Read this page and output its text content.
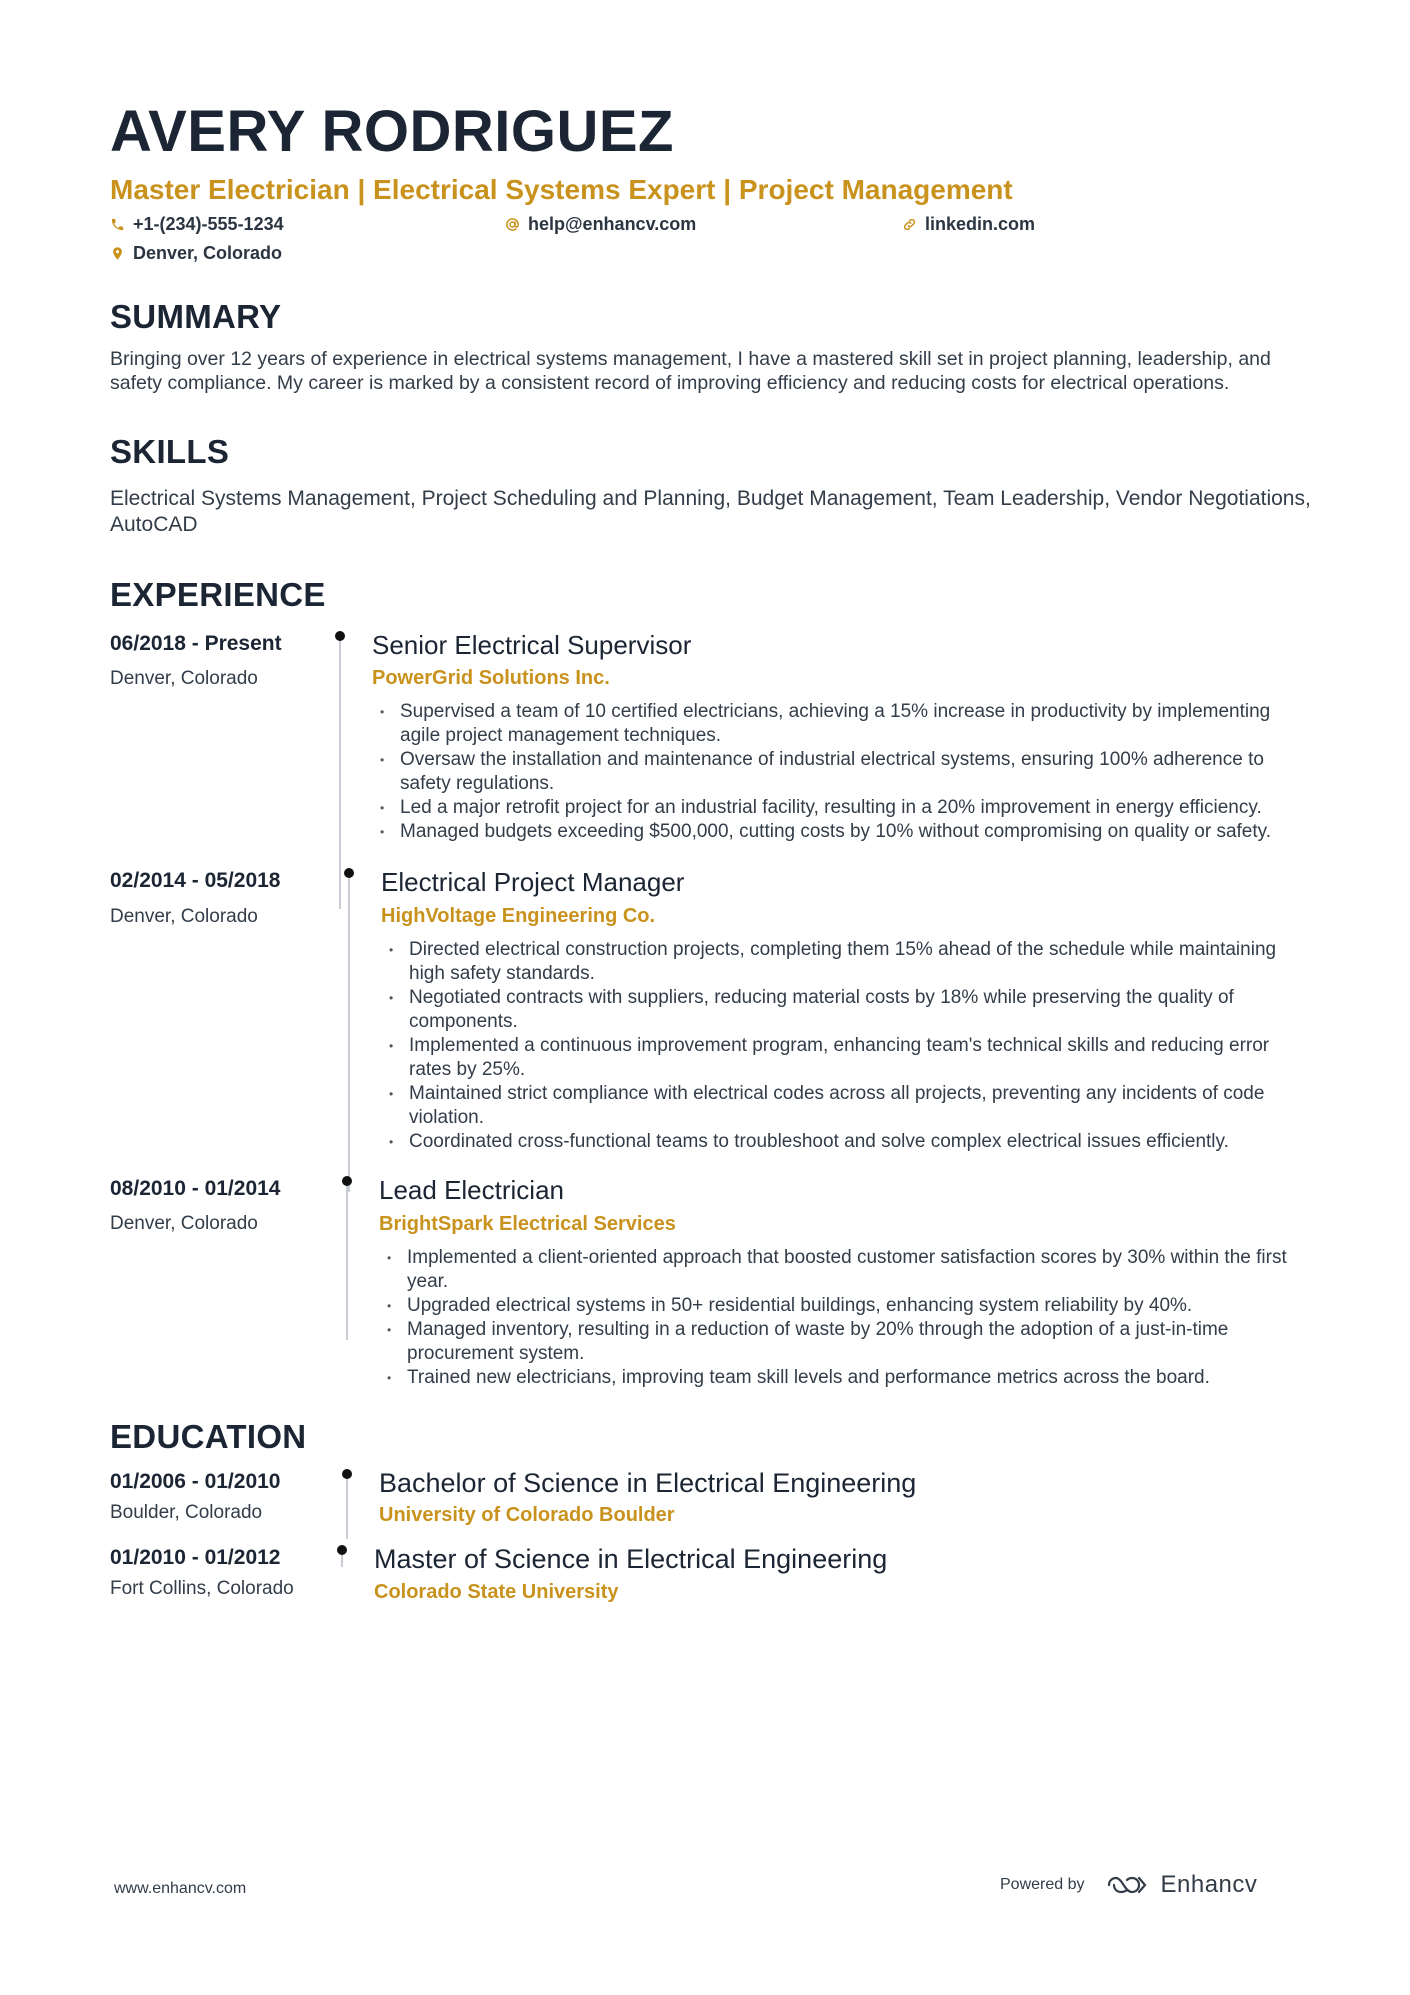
AVERY RODRIGUEZ
Master Electrician | Electrical Systems Expert | Project Management
+1-(234)-555-1234	help@enhancv.com	linkedin.com
Denver, Colorado
SUMMARY
Bringing over 12 years of experience in electrical systems management, I have a mastered skill set in project planning, leadership, and safety compliance. My career is marked by a consistent record of improving efficiency and reducing costs for electrical operations.
SKILLS
Electrical Systems Management, Project Scheduling and Planning, Budget Management, Team Leadership, Vendor Negotiations, AutoCAD
EXPERIENCE
06/2018 - Present
Denver, Colorado
Senior Electrical Supervisor
PowerGrid Solutions Inc.
• Supervised a team of 10 certified electricians, achieving a 15% increase in productivity by implementing agile project management techniques.
• Oversaw the installation and maintenance of industrial electrical systems, ensuring 100% adherence to safety regulations.
• Led a major retrofit project for an industrial facility, resulting in a 20% improvement in energy efficiency.
• Managed budgets exceeding $500,000, cutting costs by 10% without compromising on quality or safety.
02/2014 - 05/2018
Denver, Colorado
Electrical Project Manager
HighVoltage Engineering Co.
• Directed electrical construction projects, completing them 15% ahead of the schedule while maintaining high safety standards.
• Negotiated contracts with suppliers, reducing material costs by 18% while preserving the quality of components.
• Implemented a continuous improvement program, enhancing team's technical skills and reducing error rates by 25%.
• Maintained strict compliance with electrical codes across all projects, preventing any incidents of code violation.
• Coordinated cross-functional teams to troubleshoot and solve complex electrical issues efficiently.
08/2010 - 01/2014
Denver, Colorado
Lead Electrician
BrightSpark Electrical Services
• Implemented a client-oriented approach that boosted customer satisfaction scores by 30% within the first year.
• Upgraded electrical systems in 50+ residential buildings, enhancing system reliability by 40%.
• Managed inventory, resulting in a reduction of waste by 20% through the adoption of a just-in-time procurement system.
• Trained new electricians, improving team skill levels and performance metrics across the board.
EDUCATION
01/2006 - 01/2010
Boulder, Colorado
Bachelor of Science in Electrical Engineering
University of Colorado Boulder
01/2010 - 01/2012
Fort Collins, Colorado
Master of Science in Electrical Engineering
Colorado State University
www.enhancv.com	Powered by	Enhancv
